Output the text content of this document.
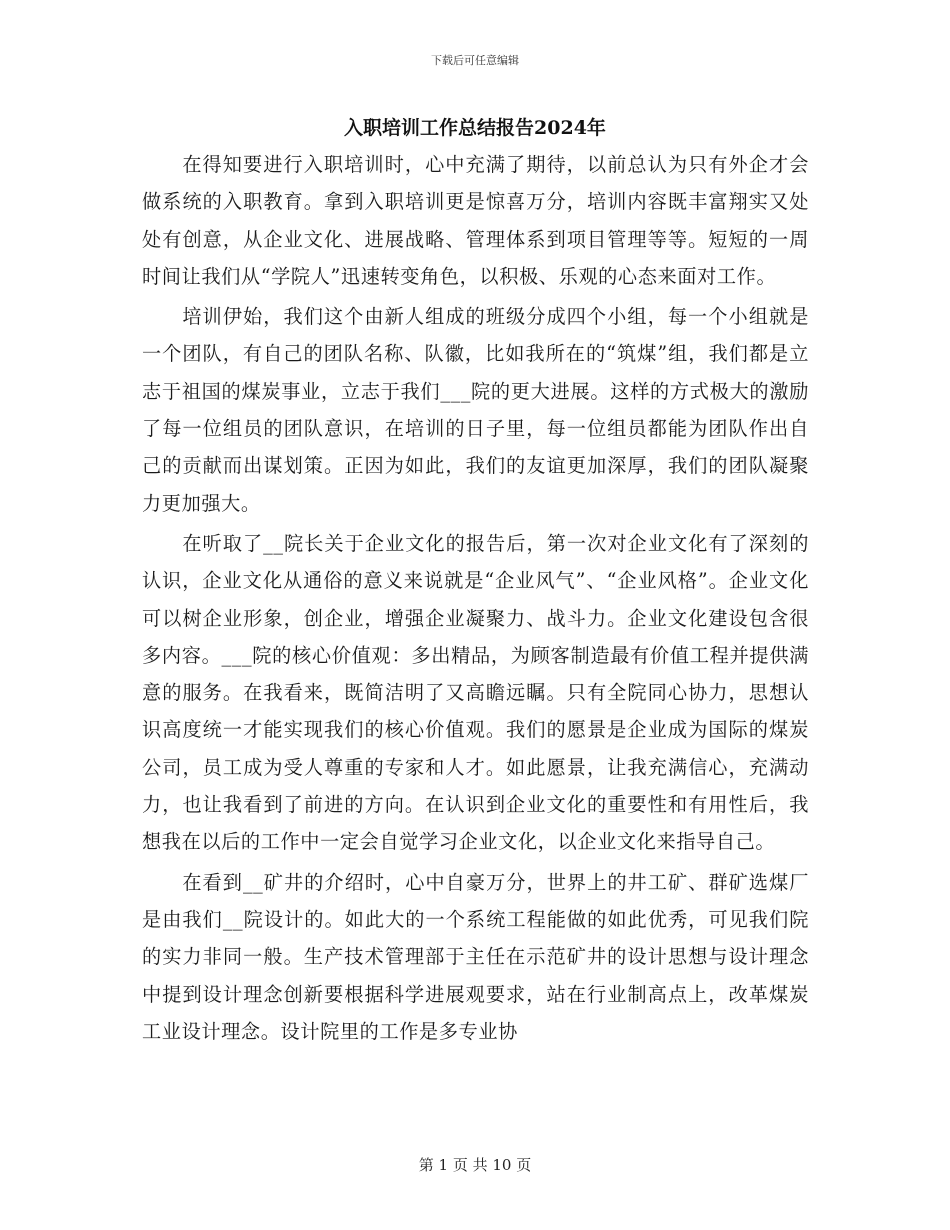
下载后可任意编辑
入职培训工作总结报告2024年

在得知要进行入职培训时，心中充满了期待，以前总认为只有外企才会做系统的入职教育。拿到入职培训更是惊喜万分，培训内容既丰富翔实又处处有创意，从企业文化、进展战略、管理体系到项目管理等等。短短的一周时间让我们从“学院人”迅速转变角色，以积极、乐观的心态来面对工作。

培训伊始，我们这个由新人组成的班级分成四个小组，每一个小组就是一个团队，有自己的团队名称、队徽，比如我所在的“筑煤”组，我们都是立志于祖国的煤炭事业，立志于我们___院的更大进展。这样的方式极大的激励了每一位组员的团队意识，在培训的日子里，每一位组员都能为团队作出自己的贡献而出谋划策。正因为如此，我们的友谊更加深厚，我们的团队凝聚力更加强大。

在听取了__院长关于企业文化的报告后，第一次对企业文化有了深刻的认识，企业文化从通俗的意义来说就是“企业风气”、“企业风格”。企业文化可以树企业形象，创企业，增强企业凝聚力、战斗力。企业文化建设包含很多内容。___院的核心价值观：多出精品，为顾客制造最有价值工程并提供满意的服务。在我看来，既简洁明了又高瞻远瞩。只有全院同心协力，思想认识高度统一才能实现我们的核心价值观。我们的愿景是企业成为国际的煤炭公司，员工成为受人尊重的专家和人才。如此愿景，让我充满信心，充满动力，也让我看到了前进的方向。在认识到企业文化的重要性和有用性后，我想我在以后的工作中一定会自觉学习企业文化，以企业文化来指导自己。

在看到__矿井的介绍时，心中自豪万分，世界上的井工矿、群矿选煤厂是由我们__院设计的。如此大的一个系统工程能做的如此优秀，可见我们院的实力非同一般。生产技术管理部于主任在示范矿井的设计思想与设计理念中提到设计理念创新要根据科学进展观要求，站在行业制高点上，改革煤炭工业设计理念。设计院里的工作是多专业协

第 1 页 共 10 页
